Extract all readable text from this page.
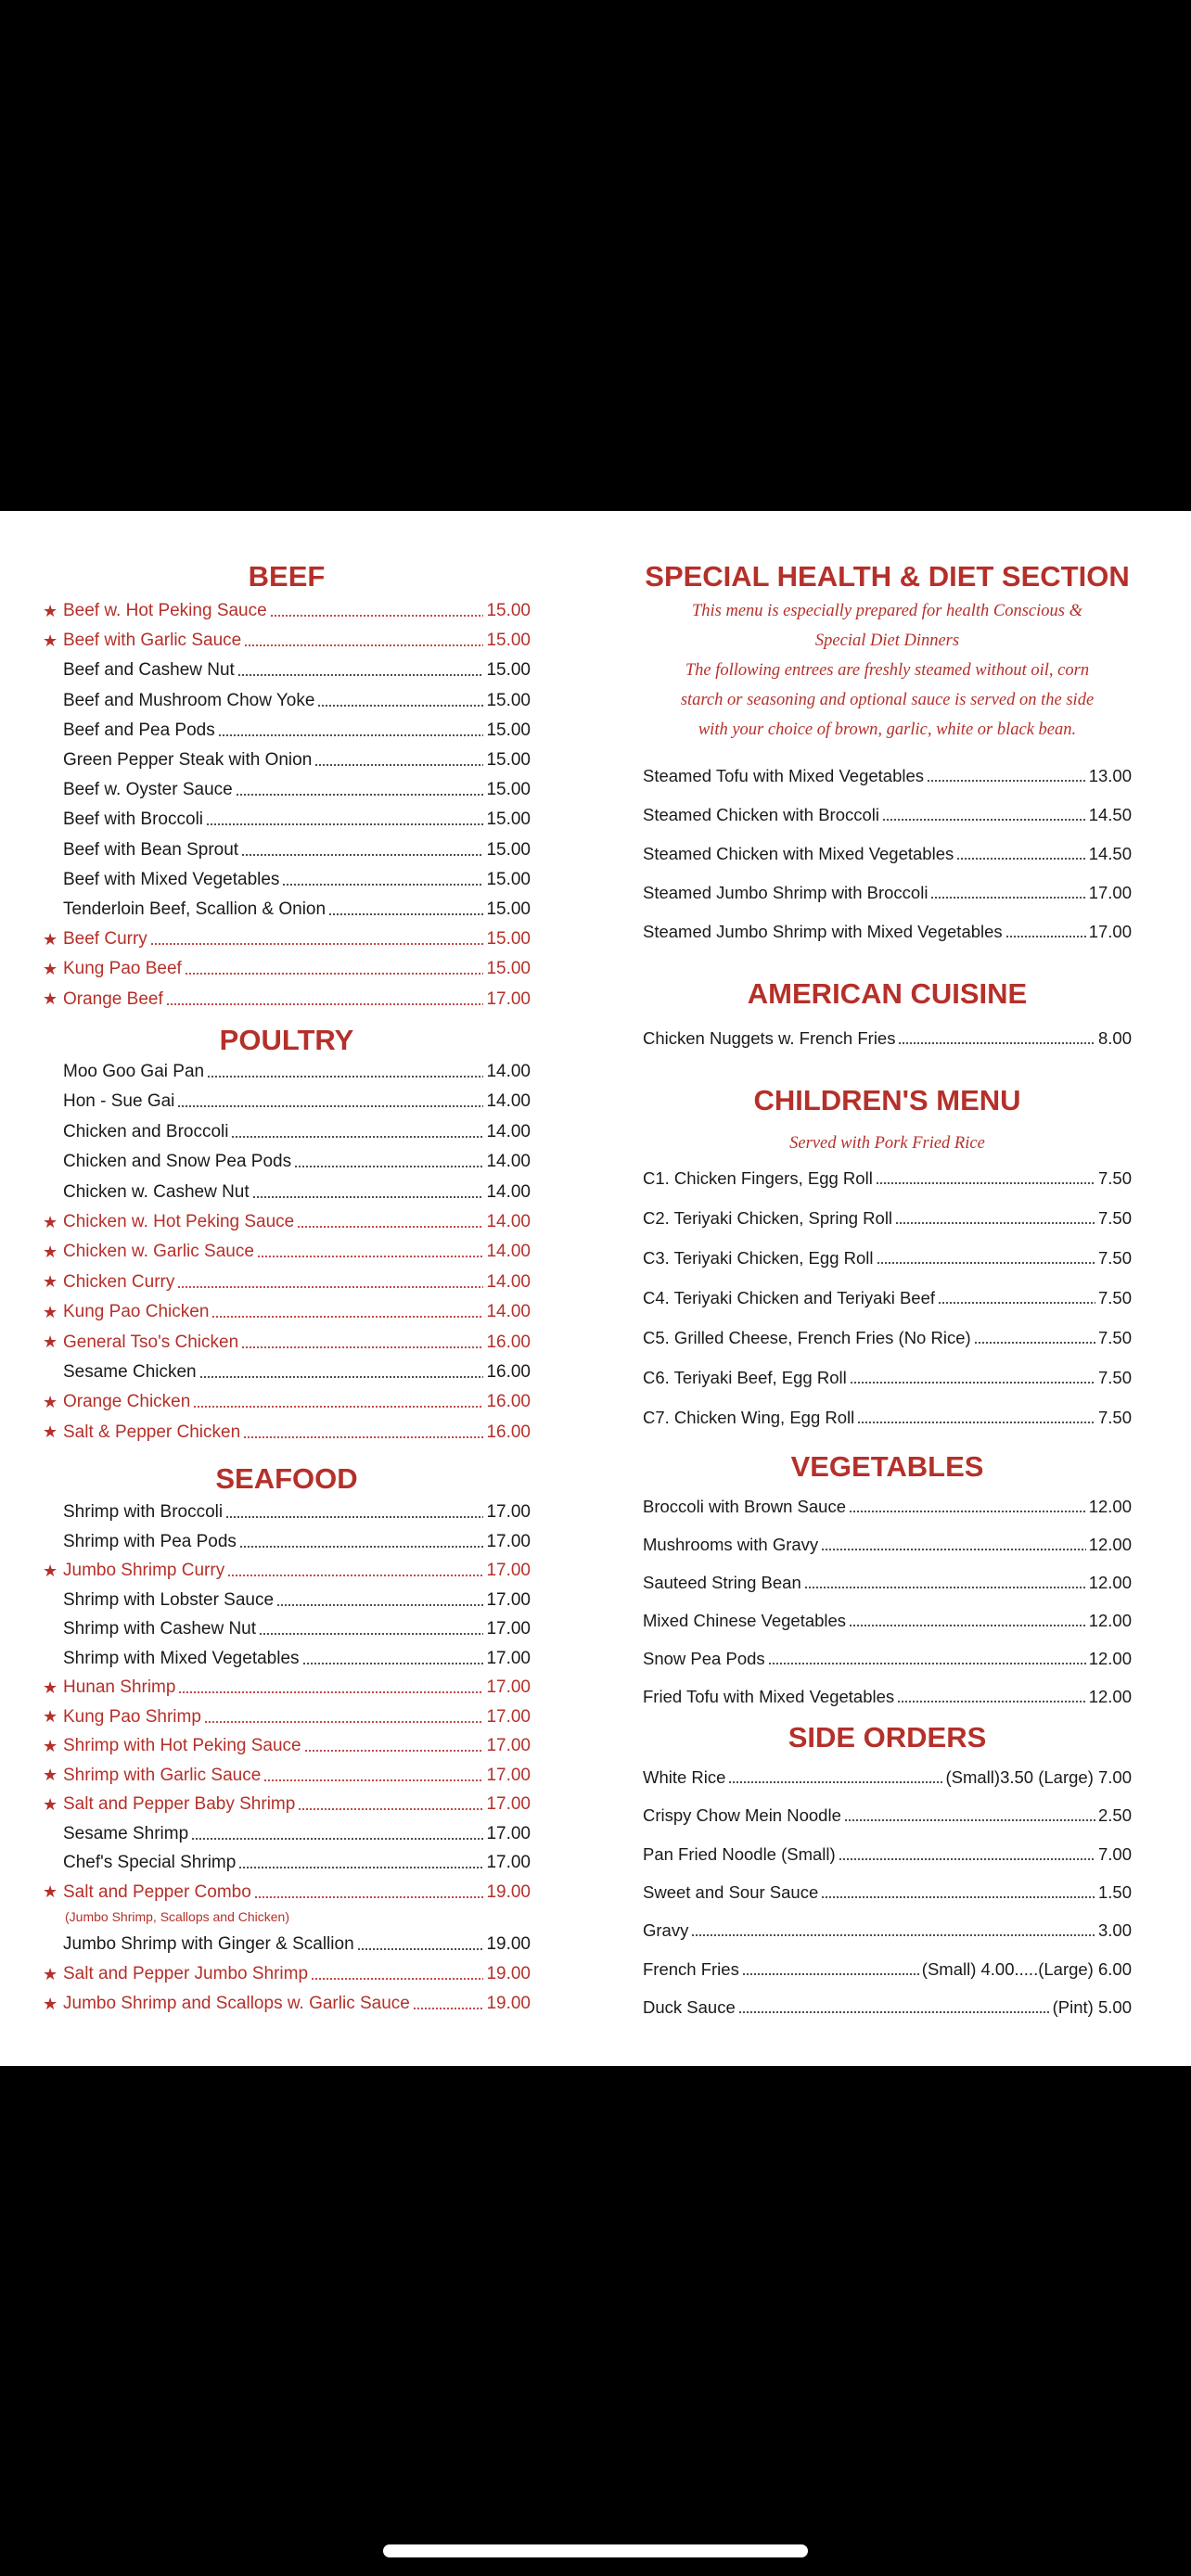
BEEF
★ Beef w. Hot Peking Sauce	15.00
★ Beef with Garlic Sauce	15.00
Beef and Cashew Nut	15.00
Beef and Mushroom Chow Yoke	15.00
Beef and Pea Pods	15.00
Green Pepper Steak with Onion	15.00
Beef w. Oyster Sauce	15.00
Beef with Broccoli	15.00
Beef with Bean Sprout	15.00
Beef with Mixed Vegetables	15.00
Tenderloin Beef, Scallion & Onion	15.00
★ Beef Curry	15.00
★ Kung Pao Beef	15.00
★ Orange Beef	17.00
POULTRY
Moo Goo Gai Pan	14.00
Hon - Sue Gai	14.00
Chicken and Broccoli	14.00
Chicken and Snow Pea Pods	14.00
Chicken w. Cashew Nut	14.00
★ Chicken w. Hot Peking Sauce	14.00
★ Chicken w. Garlic Sauce	14.00
★ Chicken Curry	14.00
★ Kung Pao Chicken	14.00
★ General Tso's Chicken	16.00
Sesame Chicken	16.00
★ Orange Chicken	16.00
★ Salt & Pepper Chicken	16.00
SEAFOOD
Shrimp with Broccoli	17.00
Shrimp with Pea Pods	17.00
★ Jumbo Shrimp Curry	17.00
Shrimp with Lobster Sauce	17.00
Shrimp with Cashew Nut	17.00
Shrimp with Mixed Vegetables	17.00
★ Hunan Shrimp	17.00
★ Kung Pao Shrimp	17.00
★ Shrimp with Hot Peking Sauce	17.00
★ Shrimp with Garlic Sauce	17.00
★ Salt and Pepper Baby Shrimp	17.00
Sesame Shrimp	17.00
Chef's Special Shrimp	17.00
★ Salt and Pepper Combo	19.00
Jumbo Shrimp with Ginger & Scallion	19.00
★ Salt and Pepper Jumbo Shrimp	19.00
★ Jumbo Shrimp and Scallops w. Garlic Sauce	19.00
(Jumbo Shrimp, Scallops and Chicken)
SPECIAL HEALTH & DIET SECTION
This menu is especially prepared for health Conscious &
Special Diet Dinners
The following entrees are freshly steamed without oil, corn
starch or seasoning and optional sauce is served on the side
with your choice of brown, garlic, white or black bean.
Steamed Tofu with Mixed Vegetables	13.00
Steamed Chicken with Broccoli	14.50
Steamed Chicken with Mixed Vegetables	14.50
Steamed Jumbo Shrimp with Broccoli	17.00
Steamed Jumbo Shrimp with Mixed Vegetables	17.00
AMERICAN CUISINE
Chicken Nuggets w. French Fries	8.00
CHILDREN'S MENU
Served with Pork Fried Rice
C1. Chicken Fingers, Egg Roll	7.50
C2. Teriyaki Chicken, Spring Roll	7.50
C3. Teriyaki Chicken, Egg Roll	7.50
C4. Teriyaki Chicken and Teriyaki Beef	7.50
C5. Grilled Cheese, French Fries (No Rice)	7.50
C6. Teriyaki Beef, Egg Roll	7.50
C7. Chicken Wing, Egg Roll	7.50
VEGETABLES
Broccoli with Brown Sauce	12.00
Mushrooms with Gravy	12.00
Sauteed String Bean	12.00
Mixed Chinese Vegetables	12.00
Snow Pea Pods	12.00
Fried Tofu with Mixed Vegetables	12.00
SIDE ORDERS
White Rice	(Small)3.50 (Large) 7.00
Crispy Chow Mein Noodle	2.50
Pan Fried Noodle (Small)	7.00
Sweet and Sour Sauce	1.50
Gravy	3.00
French Fries	(Small) 4.00.....(Large) 6.00
Duck Sauce	(Pint) 5.00
